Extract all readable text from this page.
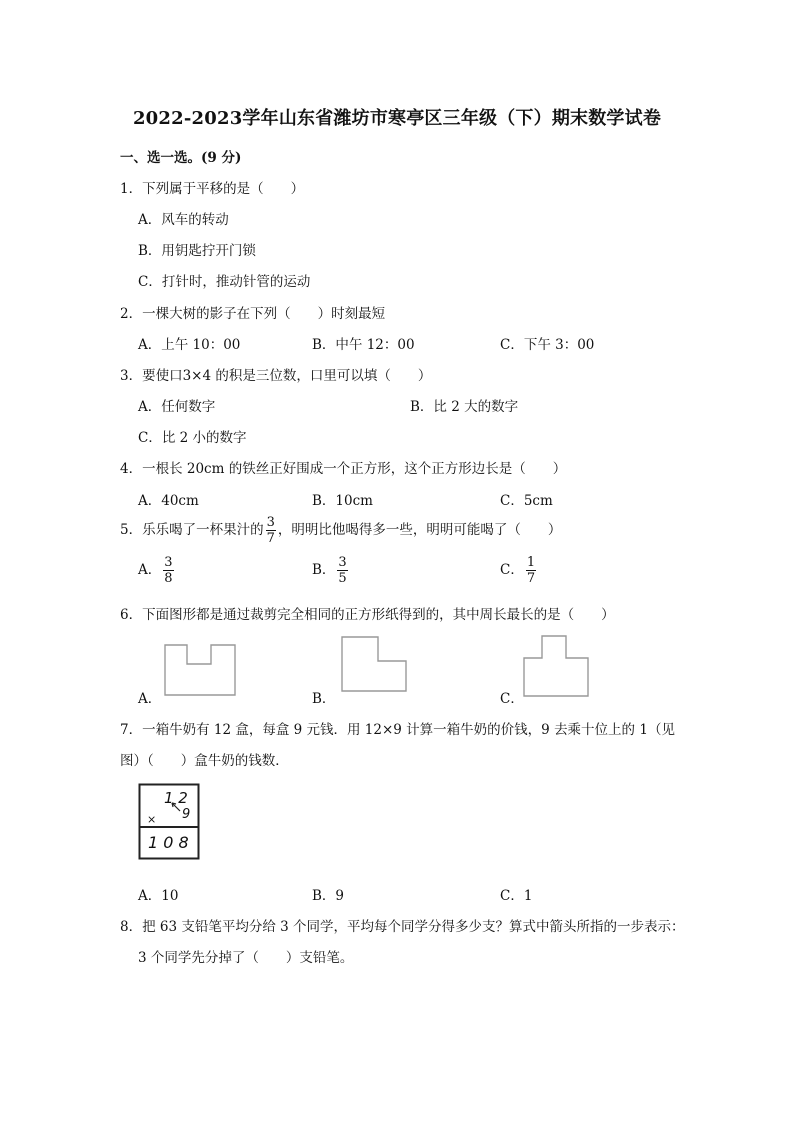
2022-2023学年山东省潍坊市寒亭区三年级（下）期末数学试卷
一、选一选。(9 分)
1．下列属于平移的是（　　）
A．风车的转动
B．用钥匙拧开门锁
C．打针时，推动针管的运动
2．一棵大树的影子在下列（　　）时刻最短
A．上午 10：00	B．中午 12：00	C．下午 3：00
3．要使口3×4 的积是三位数，口里可以填（　　）
A．任何数字	B．比 2 大的数字
C．比 2 小的数字
4．一根长 20cm 的铁丝正好围成一个正方形，这个正方形边长是（　　）
A．40cm	B．10cm	C．5cm
5．乐乐喝了一杯果汁的 $\frac{3}{7}$ ，明明比他喝得多一些，明明可能喝了（　　）
A． $\frac{3}{8}$	B． $\frac{3}{5}$	C． $\frac{1}{7}$
6．下面图形都是通过裁剪完全相同的正方形纸得到的，其中周长最长的是（　　）
A．	B．	C．
7．一箱牛奶有 12 盒，每盒 9 元钱．用 12×9 计算一箱牛奶的价钱，9 去乘十位上的 1（见
图）（　　）盒牛奶的钱数．
1 2
× 9
1 0 8
A．10	B．9	C．1
8．把 63 支铅笔平均分给 3 个同学，平均每个同学分得多少支？算式中箭头所指的一步表示：
3 个同学先分掉了（　　）支铅笔。
